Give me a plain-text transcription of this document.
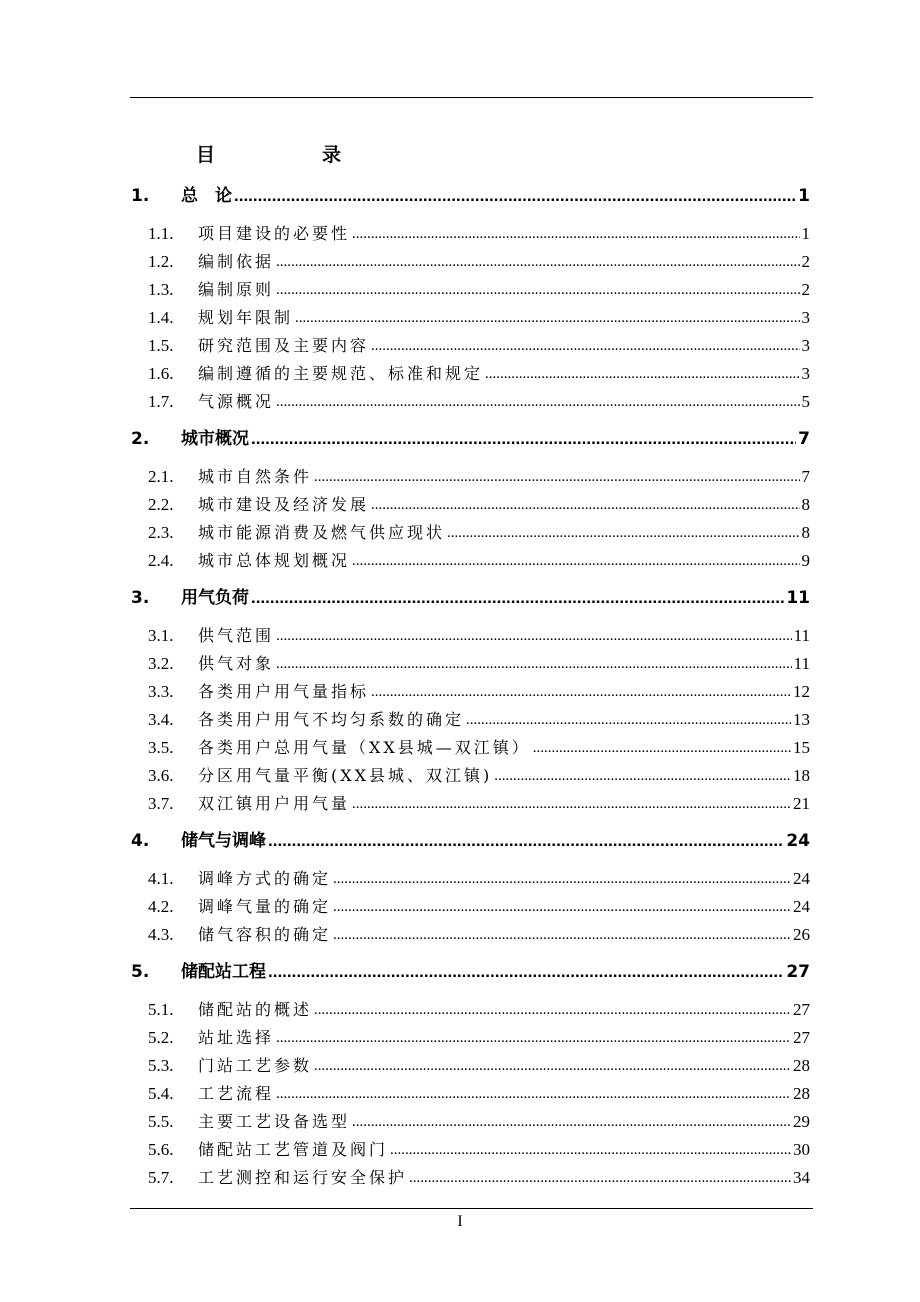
目　录
1.	总　论 .....	1
1.1.	项目建设的必要性 .....	1
1.2.	编制依据 .....	2
1.3.	编制原则 .....	2
1.4.	规划年限制 .....	3
1.5.	研究范围及主要内容 .....	3
1.6.	编制遵循的主要规范、标准和规定 .....	3
1.7.	气源概况 .....	5
2.	城市概况 .....	7
2.1.	城市自然条件 .....	7
2.2.	城市建设及经济发展 .....	8
2.3.	城市能源消费及燃气供应现状 .....	8
2.4.	城市总体规划概况 .....	9
3.	用气负荷 .....	11
3.1.	供气范围 .....	11
3.2.	供气对象 .....	11
3.3.	各类用户用气量指标 .....	12
3.4.	各类用户用气不均匀系数的确定 .....	13
3.5.	各类用户总用气量（XX县城—双江镇） .....	15
3.6.	分区用气量平衡(XX县城、双江镇) .....	18
3.7.	双江镇用户用气量 .....	21
4.	储气与调峰 .....	24
4.1.	调峰方式的确定 .....	24
4.2.	调峰气量的确定 .....	24
4.3.	储气容积的确定 .....	26
5.	储配站工程 .....	27
5.1.	储配站的概述 .....	27
5.2.	站址选择 .....	27
5.3.	门站工艺参数 .....	28
5.4.	工艺流程 .....	28
5.5.	主要工艺设备选型 .....	29
5.6.	储配站工艺管道及阀门 .....	30
5.7.	工艺测控和运行安全保护 .....	34
I
